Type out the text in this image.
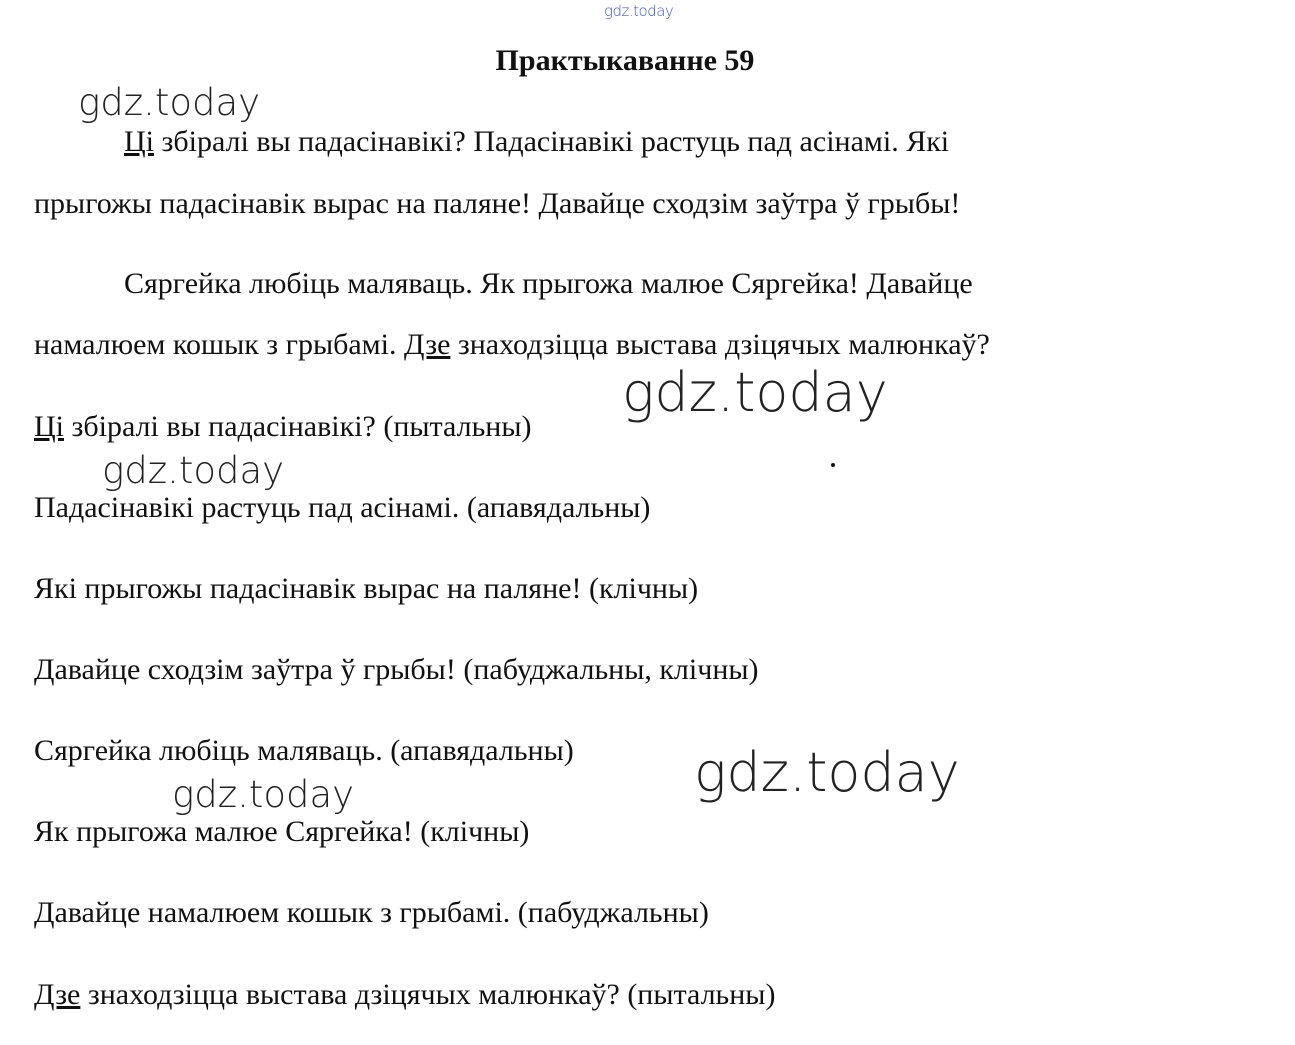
gdz.today
gdz.today
gdz.today
gdz.today
gdz.today
gdz.today
Практыкаванне 59
Ці збіралі вы падасінавікі? Падасінавікі растуць пад асінамі. Які
прыгожы падасінавік вырас на паляне! Давайце сходзім заўтра ў грыбы!
Сяргейка любіць маляваць. Як прыгожа малюе Сяргейка! Давайце
намалюем кошык з грыбамі. Дзе знаходзіцца выстава дзіцячых малюнкаў?
Ці збіралі вы падасінавікі? (пытальны)
Падасінавікі растуць пад асінамі. (апавядальны)
Які прыгожы падасінавік вырас на паляне! (клічны)
Давайце сходзім заўтра ў грыбы! (пабуджальны, клічны)
Сяргейка любіць маляваць. (апавядальны)
Як прыгожа малюе Сяргейка! (клічны)
Давайце намалюем кошык з грыбамі. (пабуджальны)
Дзе знаходзіцца выстава дзіцячых малюнкаў? (пытальны)
